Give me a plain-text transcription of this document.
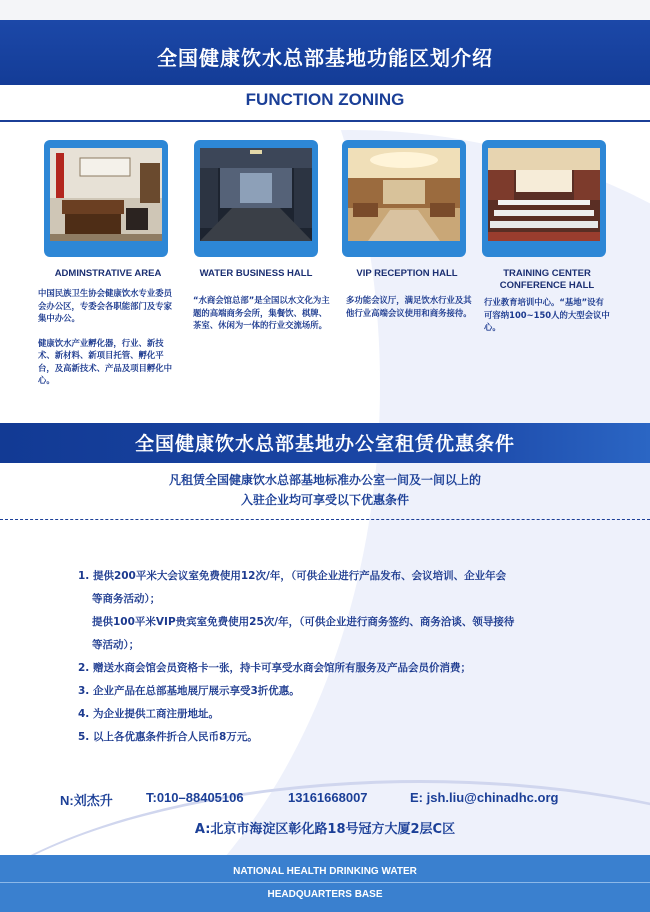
全国健康饮水总部基地功能区划介绍
FUNCTION ZONING
ADMINSTRATIVE AREA	WATER BUSINESS HALL	VIP RECEPTION HALL	TRAINING CENTER
CONFERENCE HALL

中国民族卫生协会健康饮水专业委员会办公区，专委会各职能部门及专家集中办公。

健康饮水产业孵化器，行业、新技术、新材料、新项目托管、孵化平台，及高新技术、产品及项目孵化中心。

“水商会馆总部”是全国以水文化为主题的高端商务会所，集餐饮、棋牌、茶室、休闲为一体的行业交流场所。

多功能会议厅，满足饮水行业及其他行业高端会议使用和商务接待。

行业教育培训中心。“基地”设有可容纳100~150人的大型会议中心。

全国健康饮水总部基地办公室租赁优惠条件
凡租赁全国健康饮水总部基地标准办公室一间及一间以上的
入驻企业均可享受以下优惠条件
1. 提供200平米大会议室免费使用12次/年，（可供企业进行产品发布、会议培训、企业年会
等商务活动）；
提供100平米VIP贵宾室免费使用25次/年，（可供企业进行商务签约、商务洽谈、领导接待
等活动）；
2. 赠送水商会馆会员资格卡一张，持卡可享受水商会馆所有服务及产品会员价消费；
3. 企业产品在总部基地展厅展示享受3折优惠。
4. 为企业提供工商注册地址。
5. 以上各优惠条件折合人民币8万元。
N:刘杰升	T:010–88405106	13161668007	E: jsh.liu@chinadhc.org
A:北京市海淀区彰化路18号冠方大厦2层C区
NATIONAL HEALTH DRINKING WATER
HEADQUARTERS BASE
